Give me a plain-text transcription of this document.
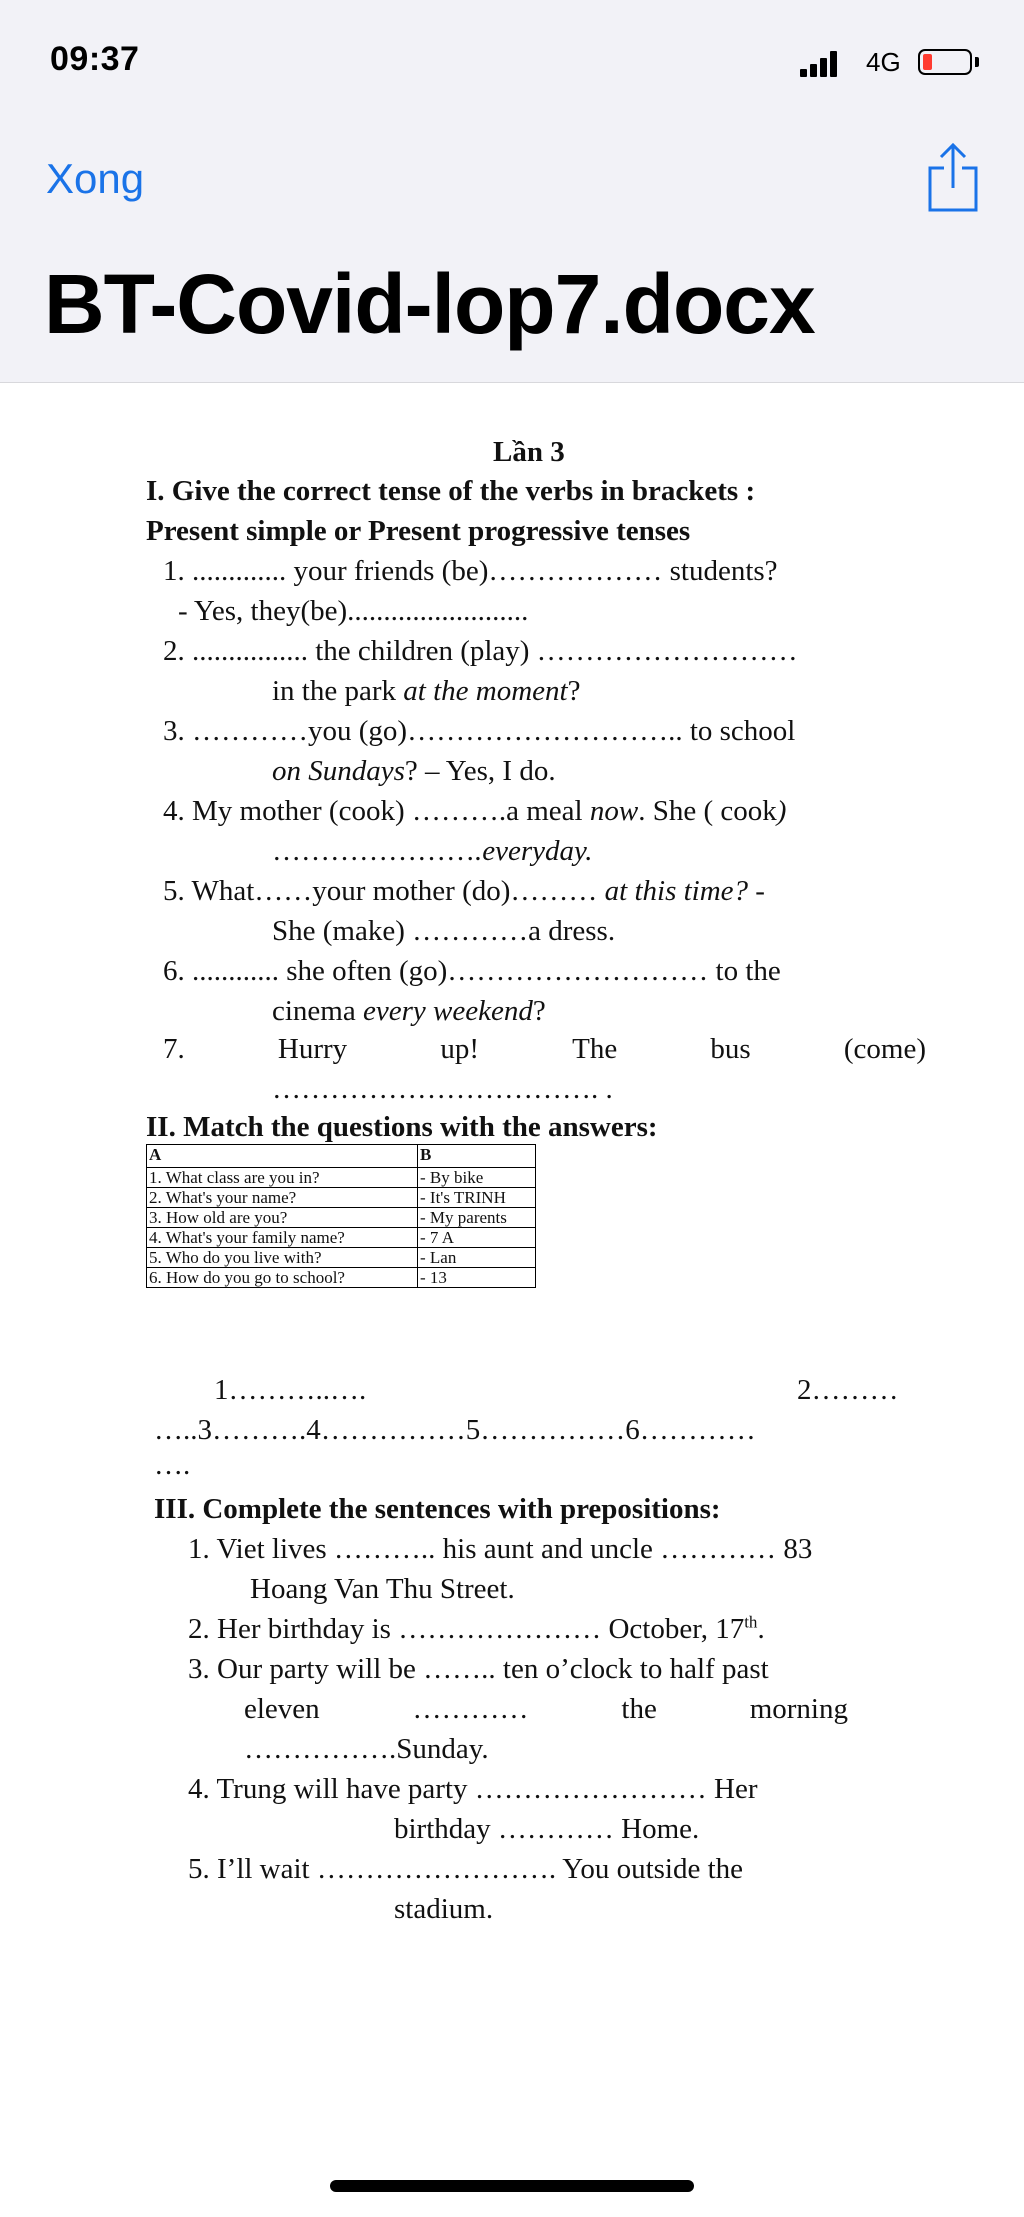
09:37	4G
Xong
BT-Covid-lop7.docx
Lần 3
I. Give the correct tense of the verbs in brackets :
Present simple or Present progressive tenses
1. ............. your friends (be)……………… students?
- Yes, they(be).........................
2. ................ the children (play) ………………………
in the park at the moment?
3. …………you (go)……………………….. to school
on Sundays? – Yes, I do.
4. My mother (cook) ……….a meal now. She ( cook)
………………….everyday.
5. What……your mother (do)……… at this time? -
She (make) …………a dress.
6. ............ she often (go)……………………… to the
cinema every weekend?
7.	Hurry	up!	The	bus	(come)
……………………………. .
II. Match the questions with the answers:
A	B
1. What class are you in?	- By bike
2. What's your name?	- It's TRINH
3. How old are you?	- My parents
4. What's your family name?	- 7 A
5. Who do you live with?	- Lan
6. How do you go to school?	- 13
1………..….	2………
…..3……….4……………5……………6…………
….
III. Complete the sentences with prepositions:
1. Viet lives ……….. his aunt and uncle ………… 83
Hoang Van Thu Street.
2. Her birthday is ………………… October, 17th.
3. Our party will be …….. ten o’clock to half past
eleven	…………	the	morning
…………….Sunday.
4. Trung will have party …………………… Her
birthday ………… Home.
5. I’ll wait ……………………. You outside the
stadium.
